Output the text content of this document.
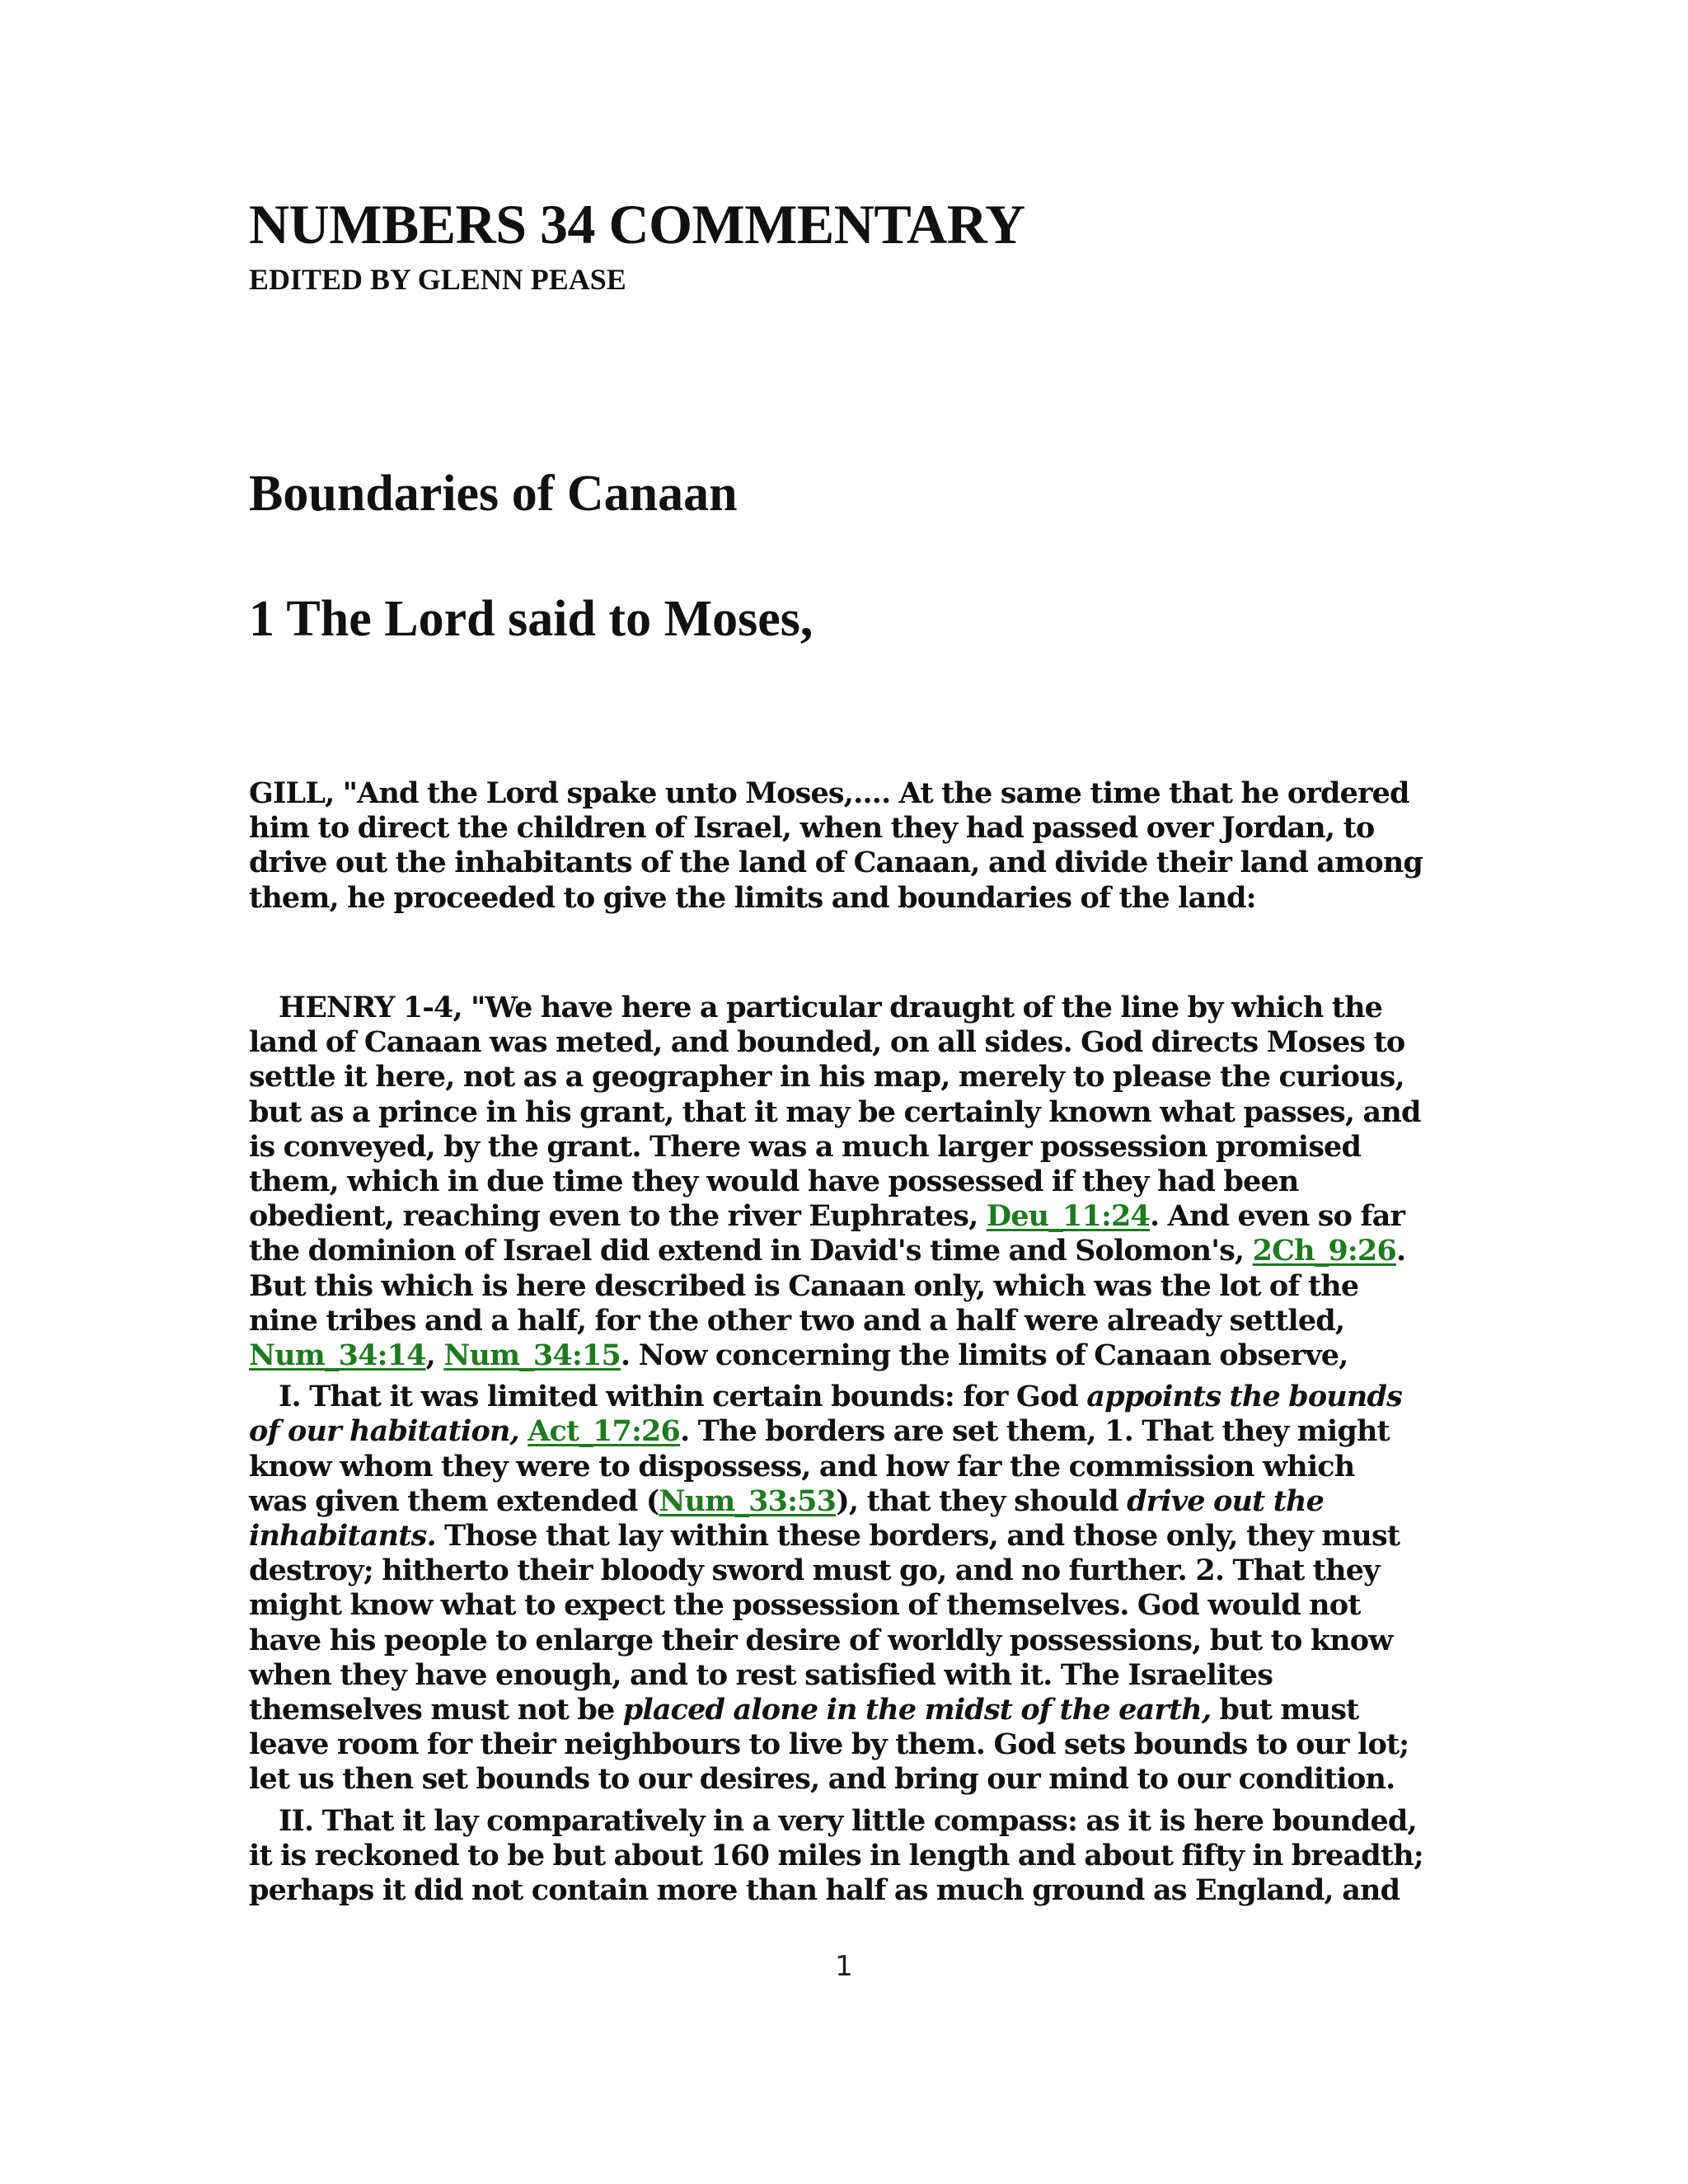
NUMBERS 34 COMMENTARY
EDITED BY GLENN PEASE
Boundaries of Canaan
1 The Lord said to Moses,
GILL, "And the Lord spake unto Moses,.... At the same time that he ordered
him to direct the children of Israel, when they had passed over Jordan, to
drive out the inhabitants of the land of Canaan, and divide their land among
them, he proceeded to give the limits and boundaries of the land:
HENRY 1-4, "We have here a particular draught of the line by which the
land of Canaan was meted, and bounded, on all sides. God directs Moses to
settle it here, not as a geographer in his map, merely to please the curious,
but as a prince in his grant, that it may be certainly known what passes, and
is conveyed, by the grant. There was a much larger possession promised
them, which in due time they would have possessed if they had been
obedient, reaching even to the river Euphrates, Deu_11:24. And even so far
the dominion of Israel did extend in David's time and Solomon's, 2Ch_9:26.
But this which is here described is Canaan only, which was the lot of the
nine tribes and a half, for the other two and a half were already settled,
Num_34:14, Num_34:15. Now concerning the limits of Canaan observe,
I. That it was limited within certain bounds: for God appoints the bounds
of our habitation, Act_17:26. The borders are set them, 1. That they might
know whom they were to dispossess, and how far the commission which
was given them extended (Num_33:53), that they should drive out the
inhabitants. Those that lay within these borders, and those only, they must
destroy; hitherto their bloody sword must go, and no further. 2. That they
might know what to expect the possession of themselves. God would not
have his people to enlarge their desire of worldly possessions, but to know
when they have enough, and to rest satisfied with it. The Israelites
themselves must not be placed alone in the midst of the earth, but must
leave room for their neighbours to live by them. God sets bounds to our lot;
let us then set bounds to our desires, and bring our mind to our condition.
II. That it lay comparatively in a very little compass: as it is here bounded,
it is reckoned to be but about 160 miles in length and about fifty in breadth;
perhaps it did not contain more than half as much ground as England, and
1
